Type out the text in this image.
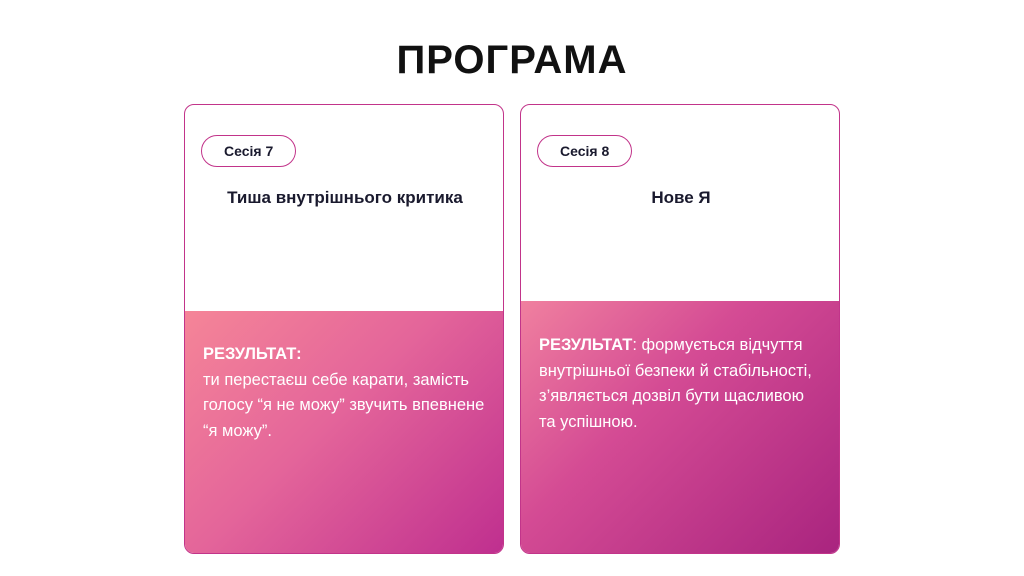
ПРОГРАМА
Сесія 7
Тиша внутрішнього критика

РЕЗУЛЬТАТ:

ти перестаєш себе карати, замість голосу “я не можу” звучить впевнене “я можу”.

Сесія 8
Нове Я

РЕЗУЛЬТАТ: формується відчуття внутрішньої безпеки й стабільності, з’являється дозвіл бути щасливою та успішною.
